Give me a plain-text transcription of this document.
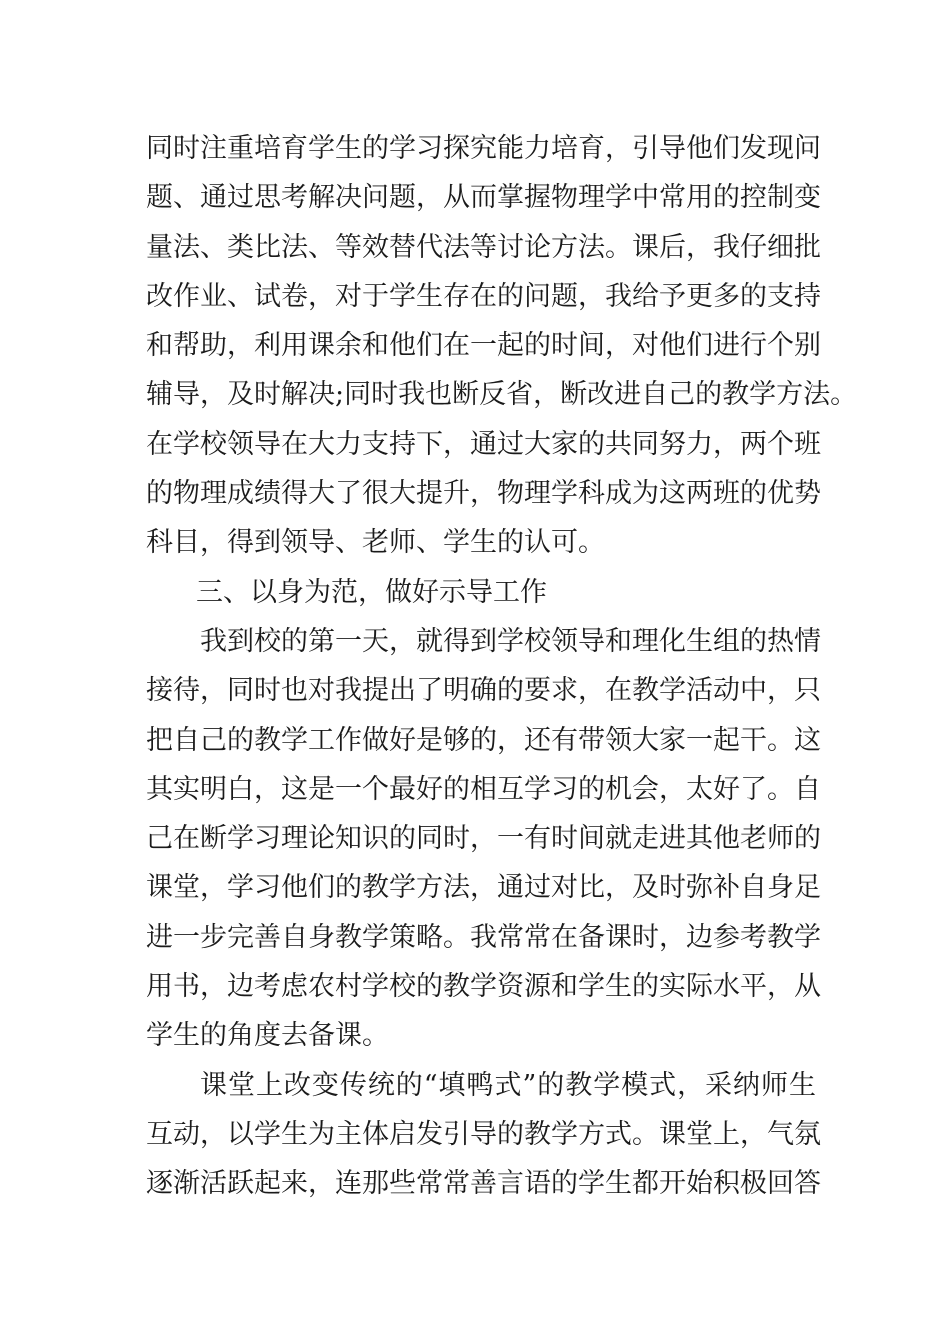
同时注重培育学生的学习探究能力培育，引导他们发现问
题、通过思考解决问题，从而掌握物理学中常用的控制变
量法、类比法、等效替代法等讨论方法。课后，我仔细批
改作业、试卷，对于学生存在的问题，我给予更多的支持
和帮助，利用课余和他们在一起的时间，对他们进行个别
辅导，及时解决;同时我也断反省，断改进自己的教学方法。
在学校领导在大力支持下，通过大家的共同努力，两个班
的物理成绩得大了很大提升，物理学科成为这两班的优势
科目，得到领导、老师、学生的认可。
三、以身为范，做好示导工作
我到校的第一天，就得到学校领导和理化生组的热情
接待，同时也对我提出了明确的要求，在教学活动中，只
把自己的教学工作做好是够的，还有带领大家一起干。这
其实明白，这是一个最好的相互学习的机会，太好了。自
己在断学习理论知识的同时，一有时间就走进其他老师的
课堂，学习他们的教学方法，通过对比，及时弥补自身足
进一步完善自身教学策略。我常常在备课时，边参考教学
用书，边考虑农村学校的教学资源和学生的实际水平，从
学生的角度去备课。
课堂上改变传统的“填鸭式”的教学模式，采纳师生
互动，以学生为主体启发引导的教学方式。课堂上，气氛
逐渐活跃起来，连那些常常善言语的学生都开始积极回答
